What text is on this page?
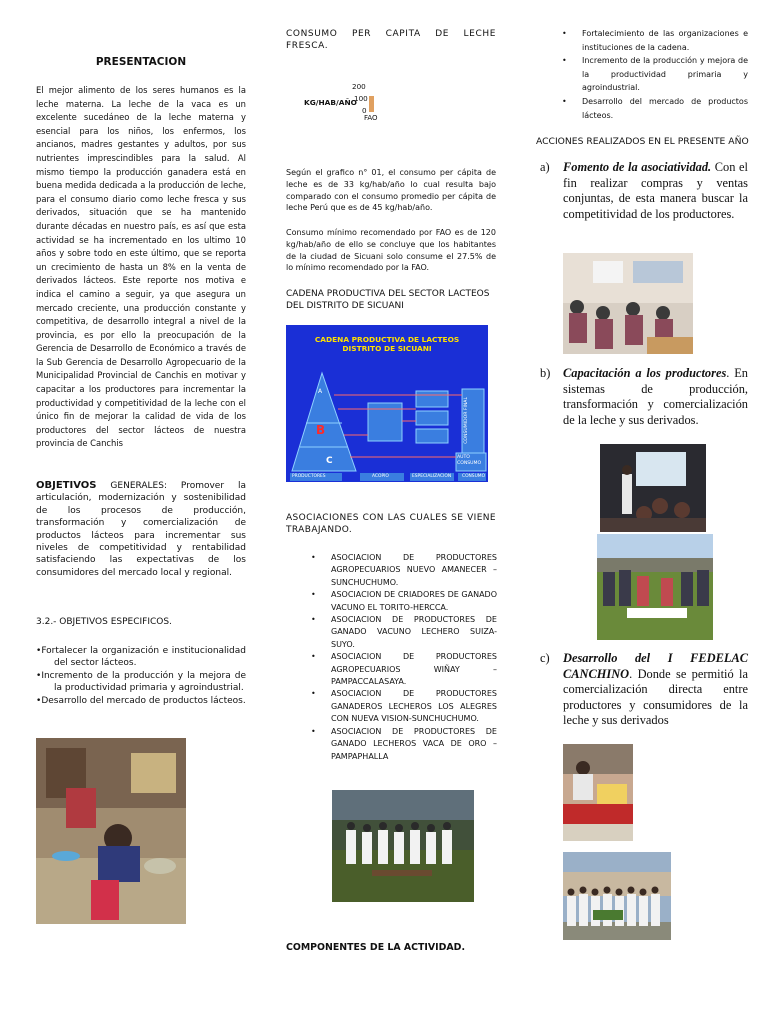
PRESENTACION
El mejor alimento de los seres humanos es la leche materna. La leche de la vaca es un excelente sucedáneo de la leche materna y esencial para los niños, los enfermos, los ancianos, madres gestantes y adultos, por sus nutrientes imprescindibles para la salud. Al mismo tiempo la producción ganadera está en buena medida dedicada a la producción de leche, para el consumo diario como leche fresca y sus derivados, situación que se ha mantenido durante décadas en nuestro país, es así que esta actividad se ha incrementado en los ultimo 10 años y sobre todo en este último, que se reporta un crecimiento de hasta un 8% en la venta de derivados lácteos. Este reporte nos motiva e indica el camino a seguir, ya que asegura un mercado creciente, una producción constante y competitiva, de desarrollo integral a nivel de la provincia, es por ello la preocupación de la Gerencia de Desarrollo de Económico a través de la Sub Gerencia de Desarrollo Agropecuario de la Municipalidad Provincial de Canchis en motivar y capacitar a los productores para incrementar la productividad y competitividad de la leche con el único fin de mejorar la calidad de vida de los productores del sector lácteos de nuestra provincia de Canchis
OBJETIVOS GENERALES: Promover la articulación, modernización y sostenibilidad de los procesos de producción, transformación y comercialización de productos lácteos para incrementar sus niveles de competitividad y rentabilidad satisfaciendo las expectativas de los consumidores del mercado local y regional.
3.2.- OBJETIVOS ESPECIFICOS.
•Fortalecer la organización e institucionalidad del sector lácteos.
•Incremento de la producción y la mejora de la productividad primaria y agroindustrial.
•Desarrollo del mercado de productos lácteos.
CONSUMO PER CAPITA DE LECHE FRESCA.
200
100
0
KG/HAB/AÑO
FAO
Según el grafico n° 01, el consumo per cápita de leche es de 33 kg/hab/año lo cual resulta bajo comparado con el consumo promedio per cápita de leche Perú que es de 45 kg/hab/año.
Consumo mínimo recomendado por FAO es de 120 kg/hab/año de ello se concluye que los habitantes de la ciudad de Sicuani solo consume el 27.5% de lo mínimo recomendado por la FAO.
CADENA PRODUCTIVA DEL SECTOR LACTEOS DEL DISTRITO DE SICUANI
CADENA PRODUCTIVA DE LACTEOS DISTRITO DE SICUANI
A
B
C
CONSUMIDOR FINAL
AUTO CONSUMO
PRODUCTORES	ACOPIO	ESPECIALIZACION CONSUMO
ASOCIACIONES CON LAS CUALES SE VIENE TRABAJANDO.
• ASOCIACION DE PRODUCTORES AGROPECUARIOS NUEVO AMANECER – SUNCHUCHUMO.
• ASOCIACION DE CRIADORES DE GANADO VACUNO EL TORITO-HERCCA.
• ASOCIACION DE PRODUCTORES DE GANADO VACUNO LECHERO SUIZA-SUYO.
• ASOCIACION DE PRODUCTORES AGROPECUARIOS WIÑAY – PAMPACCALASAYA.
• ASOCIACION DE PRODUCTORES GANADEROS LECHEROS LOS ALEGRES CON NUEVA VISION-SUNCHUCHUMO.
• ASOCIACION DE PRODUCTORES DE GANADO LECHEROS VACA DE ORO – PAMPAPHALLA
COMPONENTES DE LA ACTIVIDAD.
• Fortalecimiento de las organizaciones e instituciones de la cadena.
• Incremento de la producción y mejora de la productividad primaria y agroindustrial.
• Desarrollo del mercado de productos lácteos.
ACCIONES REALIZADOS EN EL PRESENTE AÑO
a) Fomento de la asociatividad. Con el fin realizar compras y ventas conjuntas, de esta manera buscar la competitividad de los productores.
b) Capacitación a los productores. En sistemas de producción, transformación y comercialización de la leche y sus derivados.
c) Desarrollo del I FEDELAC CANCHINO. Donde se permitió la comercialización directa entre productores y consumidores de la leche y sus derivados
